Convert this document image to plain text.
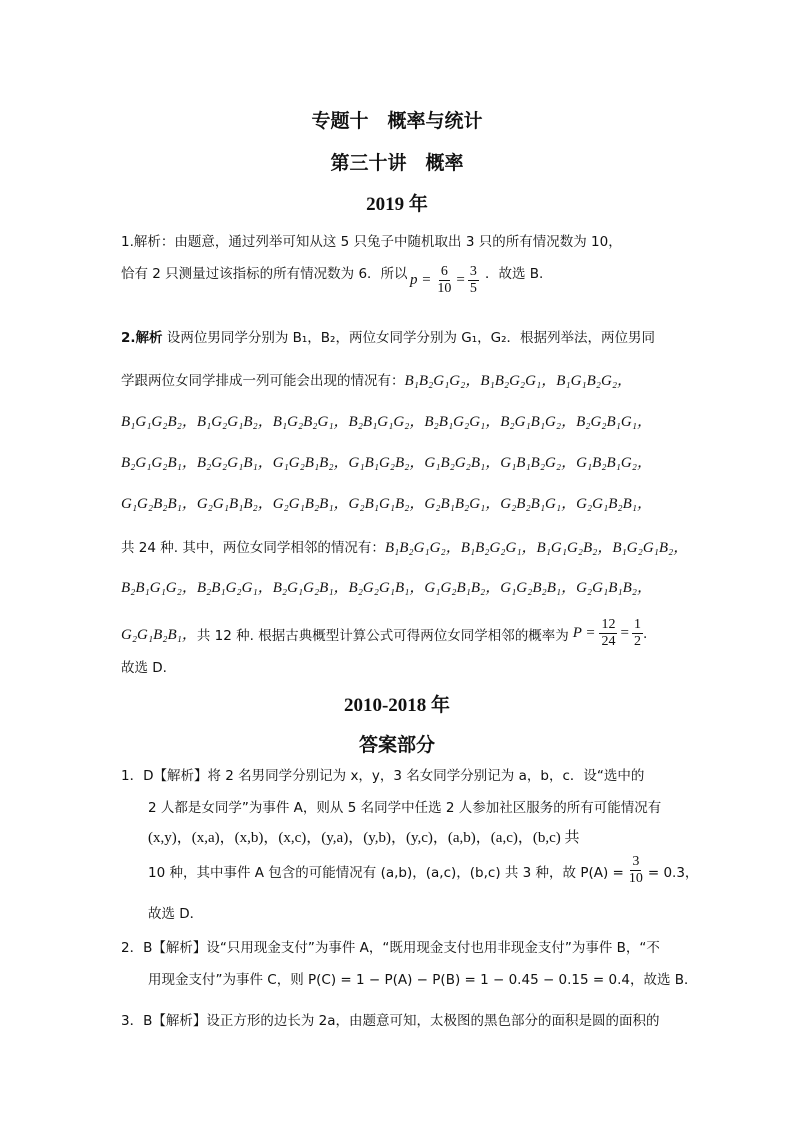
专题十　概率与统计
第三十讲　概率
2019 年
1.解析：由题意，通过列举可知从这 5 只兔子中随机取出 3 只的所有情况数为 10，
恰有 2 只测量过该指标的所有情况数为 6．所以 $p = \frac{6}{10} = \frac{3}{5}$ ．故选 B.
2.解析 设两位男同学分别为 B₁，B₂，两位女同学分别为 G₁，G₂．根据列举法，两位男同
学跟两位女同学排成一列可能会出现的情况有：B₁B₂G₁G₂，B₁B₂G₂G₁，B₁G₁B₂G₂，
B₁G₁G₂B₂，B₁G₂G₁B₂，B₁G₂B₂G₁，B₂B₁G₁G₂，B₂B₁G₂G₁，B₂G₁B₁G₂，B₂G₂B₁G₁，
B₂G₁G₂B₁，B₂G₂G₁B₁，G₁G₂B₁B₂，G₁B₁G₂B₂，G₁B₂G₂B₁，G₁B₁B₂G₂，G₁B₂B₁G₂，
G₁G₂B₂B₁，G₂G₁B₁B₂，G₂G₁B₂B₁，G₂B₁G₁B₂，G₂B₁B₂G₁，G₂B₂B₁G₁，G₂G₁B₂B₁，
共 24 种. 其中，两位女同学相邻的情况有：B₁B₂G₁G₂，B₁B₂G₂G₁，B₁G₁G₂B₂，B₁G₂G₁B₂，
B₂B₁G₁G₂，B₂B₁G₂G₁，B₂G₁G₂B₁，B₂G₂G₁B₁，G₁G₂B₁B₂，G₁G₂B₂B₁，G₂G₁B₁B₂，
G₂G₁B₂B₁， 共 12 种. 根据古典概型计算公式可得两位女同学相邻的概率为 $P = \frac{12}{24} = \frac{1}{2}$ .
故选 D.
2010-2018 年
答案部分
1．D【解析】将 2 名男同学分别记为 x，y，3 名女同学分别记为 a，b，c．设“选中的
2 人都是女同学”为事件 A，则从 5 名同学中任选 2 人参加社区服务的所有可能情况有
(x,y)，(x,a)，(x,b)，(x,c)，(y,a)，(y,b)，(y,c)，(a,b)，(a,c)，(b,c) 共
10 种，其中事件 A 包含的可能情况有 (a,b)，(a,c)，(b,c) 共 3 种，故 $P(A) = \frac{3}{10} = 0.3$，
故选 D．
2．B【解析】设“只用现金支付”为事件 A，“既用现金支付也用非现金支付”为事件 B，“不
用现金支付”为事件 C，则 P(C) = 1 − P(A) − P(B) = 1 − 0.45 − 0.15 = 0.4，故选 B．
3．B【解析】设正方形的边长为 2a，由题意可知，太极图的黑色部分的面积是圆的面积的
